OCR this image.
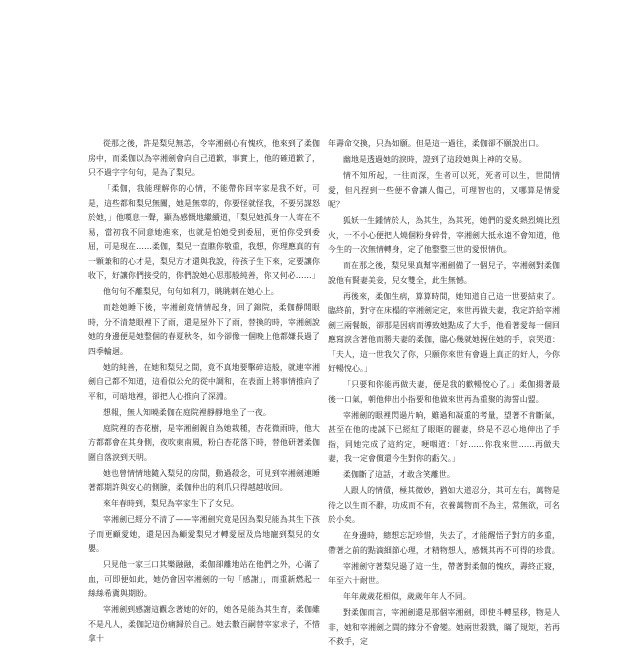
從那之後，許是梨兒無恙，令宰湘劍心有愧疚，他來到了柔伽房中，而柔伽以為宰湘劍會向自己道歉，事實上，他的確道歉了，只不過字字句句，是為了梨兒。

「柔伽，我能理解你的心情，不能帶你回宰家是我不好，可是，這些都和梨兒無關，她是無辜的，你要怪就怪我，不要另謀怒於她，」他嘆息一聲，顯為感慨地繼續道，「梨兒她孤身一人寄在不易，當初我不同意她進來，也就是怕她受到委屈，更怕你受到委屈，可是現在……柔伽，梨兒一直瞧你敬重，我想，你理應真的有一顆兼和的心才是，梨兒方才還與我說，待孩子生下來，定要讓你收下，好讓你們接受的，你們說她心思那般純善，你又何必……」

他句句不離梨兒，句句如利刀，眺眺刺在她心上。

而趁她睡下後，宰湘劍竟情情起身，回了錦院，柔伽靜開眼時，分不清楚眼裡下了雨，還是屋外下了雨，替換的時，宰湘劍說她的身邊便是她整個的春夏秋冬，如今卻像一個晚上他都嫌長過了四季輪迴。

她的純善，在她和梨兒之間，竟不真地要擊碎這般，就連宰湘劍自己都不知道，這看似公允的從中調和，在表面上將事情推向了平和，可暗地裡，卻把人心推向了深淵。

想報，無人知曉柔伽在庭院裡靜靜地坐了一夜。

庭院裡的杏花樹，是宰湘劍親自為她栽種，杏花微雨時，他大方都都會在其身側，夜吹東南風，粉白杏花落下時，替他研著柔伽圍自落淚到天明。

她也曾情情地隨入梨兒的房間，動過殺念，可見到宰湘劍連睡著都期許與安心的側臉，柔伽仲出的利爪只得越越收回。

來年春時到，梨兒為宰家生下了女兒。

宰湘劍已經分不清了——宰湘劍究竟是因為梨兒能為其生下孩子而更顧愛她，還是因為顧愛梨兒才轉愛屋及烏地寵到梨兒的女嬰。

只見他一家三口其樂融融，柔伽卻離地站在他們之外，心滿了血，可即便如此，她仍會因宰湘劍的一句「感謝」，而重新燃起一絲絲希冀與期盼。

宰湘劍到感謝這觀念著她的好的，她各是能為其生育，柔伽雖不是凡人，柔伽記這份痛歸於自己。她去數百嗣替宰家求子，不惜拿十

年壽命交換，只為如願。但是這一過往，柔伽卻不願說出口。

幽地是透過她的淚時，證到了這段她與上神的交易。

情不知所起，一往而深，生者可以死，死者可以生，世間情愛，但凡捏到一些便不會讓人傷己，可理智也的，又哪算是情愛呢？

狐妖一生鍾情於人，為其生，為其死，她們的愛炙熱烈燒比烈火，一不小心便把人燒個粉身碎骨，宰湘劍大抵永遠不會知道，他今生的一次無情轉身，定了他整整三世的愛恨情仇。

而在那之後，梨兒果真幫宰湘劍備了一個兒子，宰湘劍對柔伽說他有賢妻美妾，兒女雙全，此生無憾。

再後來，柔伽生病，算算時間，她知道自己這一世要結束了。臨終前，對守在床榻的宰湘劍定定，來世再做夫妻，我定許給宰湘劍三兩餐飯，卻那是因病而導致她點成了大手，他看著愛每一個回應寫淚含著他而勝夫妻的柔伽，臨心幾就她握住她的手，哀哭道：「夫人，這一世我欠了你，只願你來世有會過上真正的好人，今你好暢悅心。」

「只要和你能再做夫妻，便是我的歡暢悅心了。」柔伽揚著最後一口氣，朝他伸出小指要和他做來世再為重聚的海誓山盟。

宰湘劍的眼裡閃過片晌，雖過和凝重的考量，望著不肯斷氣，甚至在他的虔誠下已經紅了眼眶的麗妻，終是不忍心地伸出了手指，同她完成了這約定，哽咽道：「好……你我來世……再做夫妻，我一定會償還今生對你的虧欠。」

柔伽斷了這話，才敢含笑離世。

人跟人的情債，極其微妙，猶如大道忍分，其可左右，萬物是待之以生而不辭，功成而不有，衣養萬物而不為主，常無欲，可名於小矣。

在身邊時，總想忘記珍惜，失去了，才能醒悟子對方的多重，帶著之前的點滴細節心理，才精物想人，感慨其再不可得的珍貴。

宰湘劍守著梨兒過了這一生，帶著對柔伽的愧疚，壽終正寢，年至六十耐世。

年年歲歲花相似，歲歲年年人不同。

對柔伽而言，宰湘劍還是那個宰湘劍，即使斗轉星移，物是人非，她和宰湘劍之間的緣分不會變。她兩世殺戮，瞞了規矩，若再不救手，定
